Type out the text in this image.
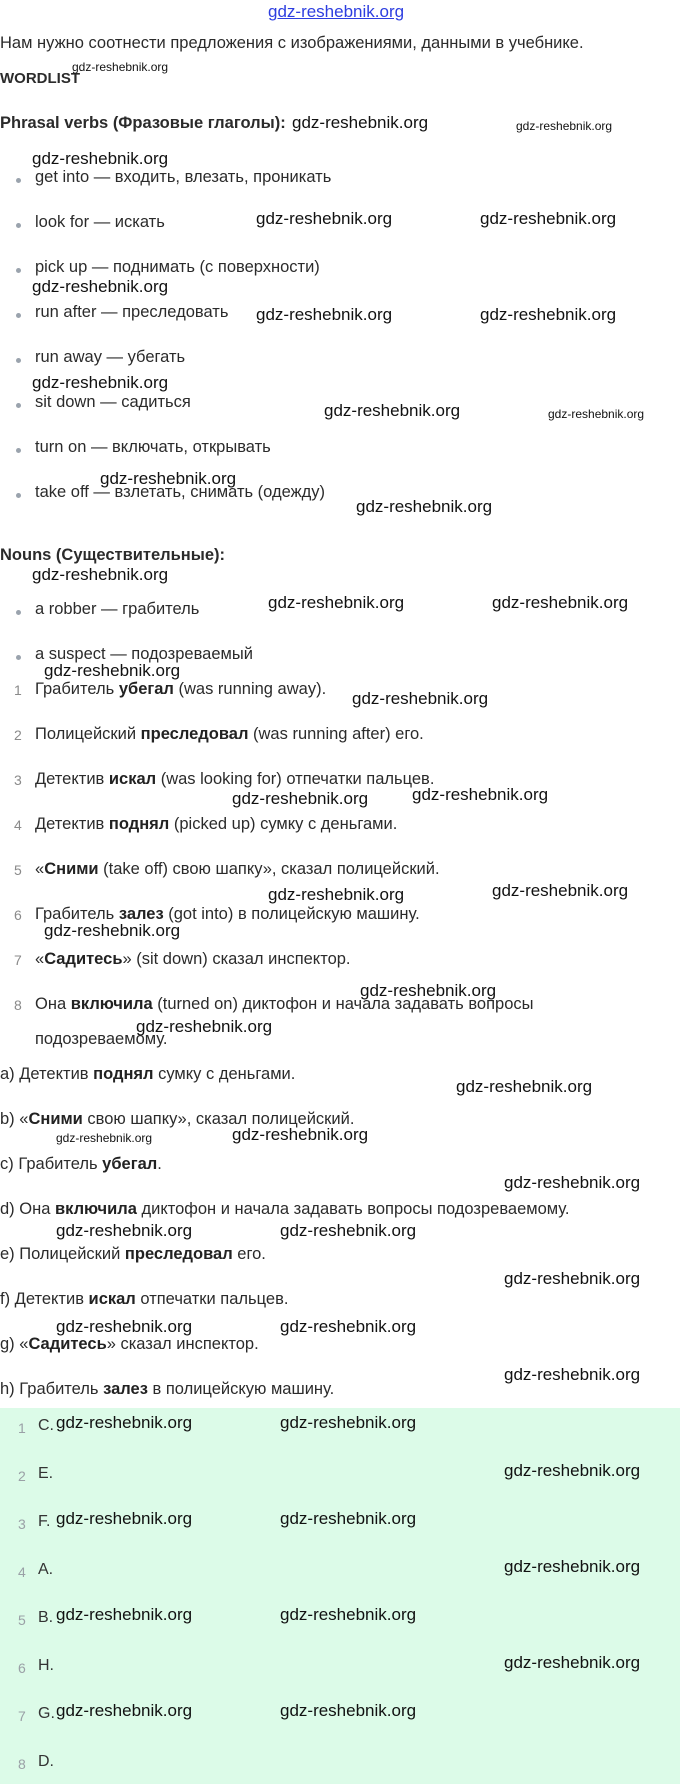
gdz-reshebnik.org
Нам нужно соотнести предложения с изображениями, данными в учебнике.
WORDLIST
Phrasal verbs (Фразовые глаголы):
get into — входить, влезать, проникать
look for — искать
pick up — поднимать (с поверхности)
run after — преследовать
run away — убегать
sit down — садиться
turn on — включать, открывать
take off — взлетать, снимать (одежду)
Nouns (Существительные):
a robber — грабитель
a suspect — подозреваемый
1 Грабитель убегал (was running away).
2 Полицейский преследовал (was running after) его.
3 Детектив искал (was looking for) отпечатки пальцев.
4 Детектив поднял (picked up) сумку с деньгами.
5 «Сними (take off) свою шапку», сказал полицейский.
6 Грабитель залез (got into) в полицейскую машину.
7 «Садитесь» (sit down) сказал инспектор.
8 Она включила (turned on) диктофон и начала задавать вопросы
подозреваемому.
a) Детектив поднял сумку с деньгами.
b) «Сними свою шапку», сказал полицейский.
c) Грабитель убегал.
d) Она включила диктофон и начала задавать вопросы подозреваемому.
e) Полицейский преследовал его.
f) Детектив искал отпечатки пальцев.
g) «Садитесь» сказал инспектор.
h) Грабитель залез в полицейскую машину.
1 C.
2 E.
3 F.
4 A.
5 B.
6 H.
7 G.
8 D.
gdz-reshebnik.org
gdz-reshebnik.org	gdz-reshebnik.org
gdz-reshebnik.org
gdz-reshebnik.org	gdz-reshebnik.org
gdz-reshebnik.org
gdz-reshebnik.org	gdz-reshebnik.org
gdz-reshebnik.org
gdz-reshebnik.org	gdz-reshebnik.org
gdz-reshebnik.org
gdz-reshebnik.org
gdz-reshebnik.org
gdz-reshebnik.org	gdz-reshebnik.org
gdz-reshebnik.org
gdz-reshebnik.org
gdz-reshebnik.org	gdz-reshebnik.org
gdz-reshebnik.org	gdz-reshebnik.org
gdz-reshebnik.org
gdz-reshebnik.org
gdz-reshebnik.org
gdz-reshebnik.org
gdz-reshebnik.org	gdz-reshebnik.org
gdz-reshebnik.org
gdz-reshebnik.org	gdz-reshebnik.org
gdz-reshebnik.org
gdz-reshebnik.org	gdz-reshebnik.org
gdz-reshebnik.org
gdz-reshebnik.org	gdz-reshebnik.org
gdz-reshebnik.org
gdz-reshebnik.org	gdz-reshebnik.org
gdz-reshebnik.org
gdz-reshebnik.org	gdz-reshebnik.org
gdz-reshebnik.org
gdz-reshebnik.org	gdz-reshebnik.org
